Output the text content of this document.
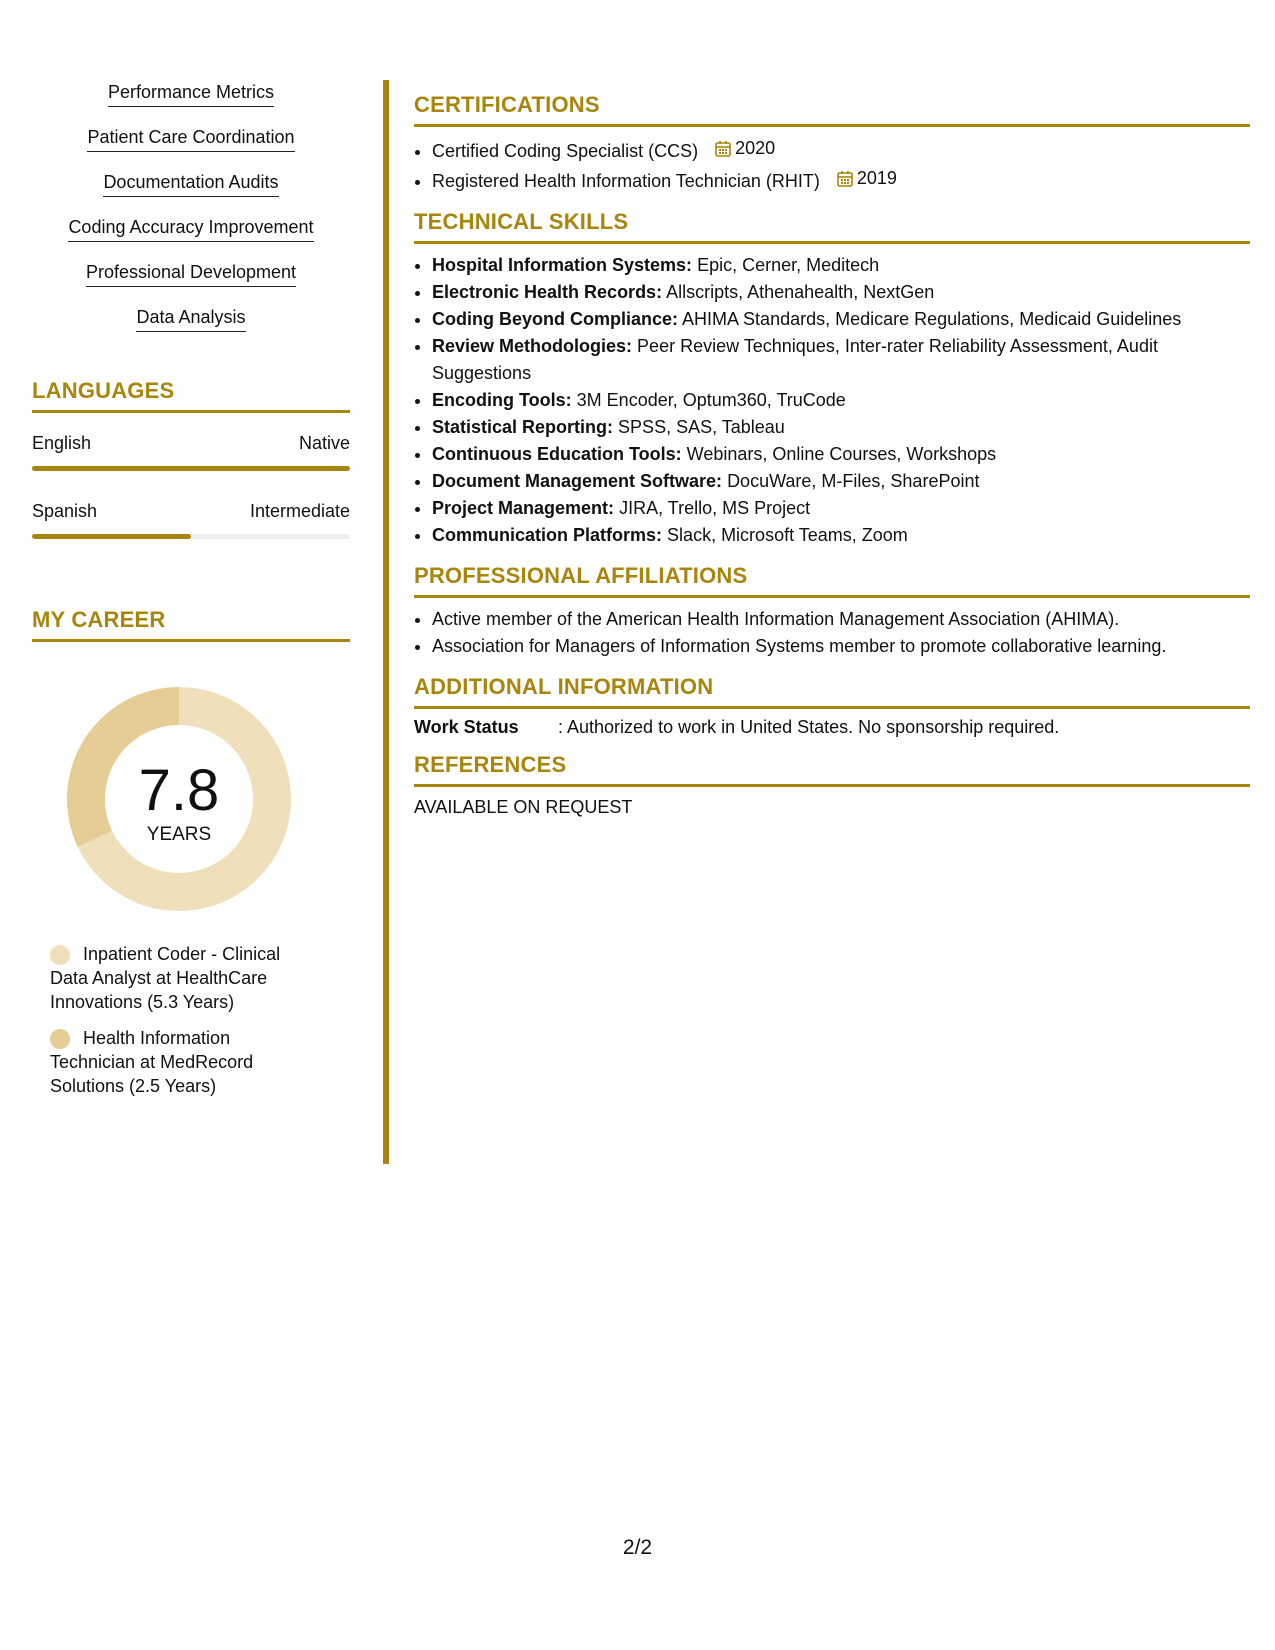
Performance Metrics
Patient Care Coordination
Documentation Audits
Coding Accuracy Improvement
Professional Development
Data Analysis
LANGUAGES
English	Native
Spanish	Intermediate
MY CAREER
7.8
YEARS
Inpatient Coder - Clinical Data Analyst at HealthCare Innovations (5.3 Years)
Health Information Technician at MedRecord Solutions (2.5 Years)
CERTIFICATIONS
• Certified Coding Specialist (CCS) 2020
• Registered Health Information Technician (RHIT) 2019
TECHNICAL SKILLS
• Hospital Information Systems: Epic, Cerner, Meditech
• Electronic Health Records: Allscripts, Athenahealth, NextGen
• Coding Beyond Compliance: AHIMA Standards, Medicare Regulations, Medicaid Guidelines
• Review Methodologies: Peer Review Techniques, Inter-rater Reliability Assessment, Audit Suggestions
• Encoding Tools: 3M Encoder, Optum360, TruCode
• Statistical Reporting: SPSS, SAS, Tableau
• Continuous Education Tools: Webinars, Online Courses, Workshops
• Document Management Software: DocuWare, M-Files, SharePoint
• Project Management: JIRA, Trello, MS Project
• Communication Platforms: Slack, Microsoft Teams, Zoom
PROFESSIONAL AFFILIATIONS
• Active member of the American Health Information Management Association (AHIMA).
• Association for Managers of Information Systems member to promote collaborative learning.
ADDITIONAL INFORMATION
Work Status	: Authorized to work in United States. No sponsorship required.
REFERENCES
AVAILABLE ON REQUEST
2/2
